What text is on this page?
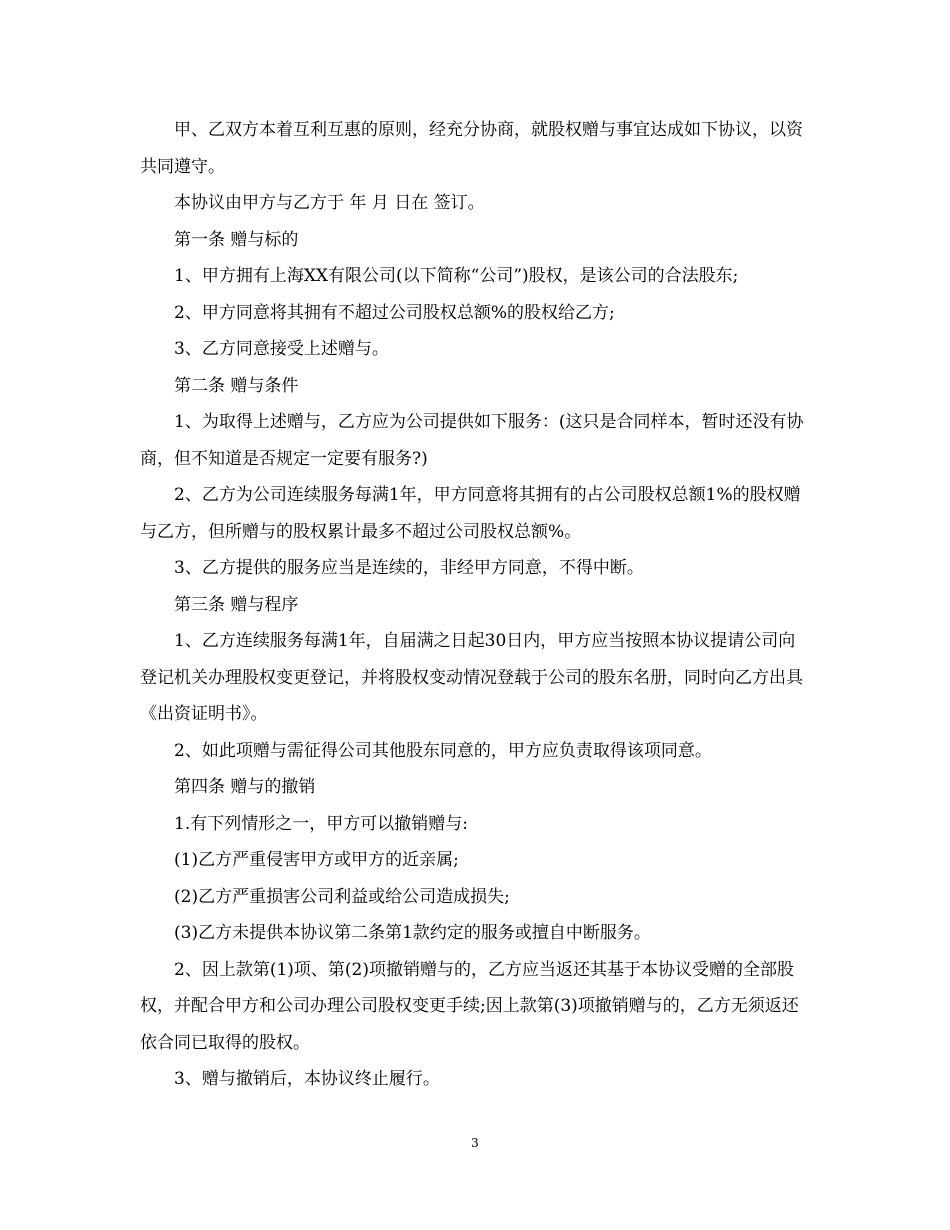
甲、乙双方本着互利互惠的原则，经充分协商，就股权赠与事宜达成如下协议，以资共同遵守。

本协议由甲方与乙方于 年 月 日在 签订。

第一条 赠与标的

1、甲方拥有上海XX有限公司(以下简称“公司”)股权，是该公司的合法股东;

2、甲方同意将其拥有不超过公司股权总额%的股权给乙方;

3、乙方同意接受上述赠与。

第二条 赠与条件

1、为取得上述赠与，乙方应为公司提供如下服务：(这只是合同样本，暂时还没有协商，但不知道是否规定一定要有服务?)

2、乙方为公司连续服务每满1年，甲方同意将其拥有的占公司股权总额1%的股权赠与乙方，但所赠与的股权累计最多不超过公司股权总额%。

3、乙方提供的服务应当是连续的，非经甲方同意，不得中断。

第三条 赠与程序

1、乙方连续服务每满1年，自届满之日起30日内，甲方应当按照本协议提请公司向登记机关办理股权变更登记，并将股权变动情况登载于公司的股东名册，同时向乙方出具《出资证明书》。

2、如此项赠与需征得公司其他股东同意的，甲方应负责取得该项同意。

第四条 赠与的撤销

1.有下列情形之一，甲方可以撤销赠与:

(1)乙方严重侵害甲方或甲方的近亲属;

(2)乙方严重损害公司利益或给公司造成损失;

(3)乙方未提供本协议第二条第1款约定的服务或擅自中断服务。

2、因上款第(1)项、第(2)项撤销赠与的，乙方应当返还其基于本协议受赠的全部股权，并配合甲方和公司办理公司股权变更手续;因上款第(3)项撤销赠与的，乙方无须返还依合同已取得的股权。

3、赠与撤销后，本协议终止履行。

3
